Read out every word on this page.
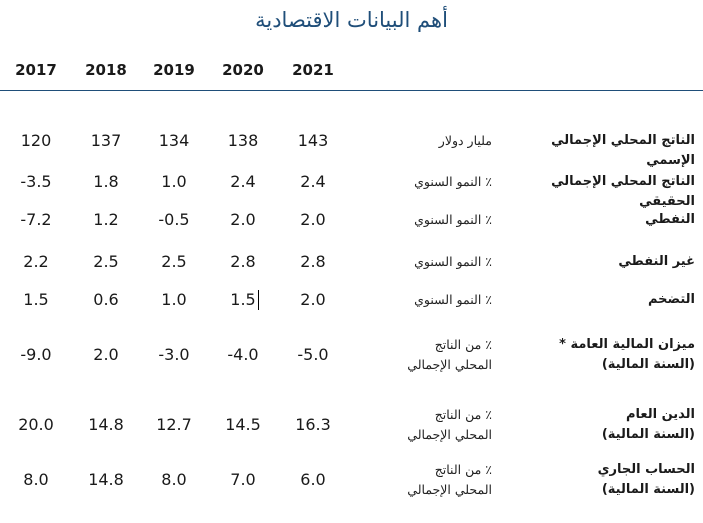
أهم البيانات الاقتصادية
2017	2018	2019	2020	2021
الناتج المحلي الإجمالي الإسمي
مليار دولار
120	137	134	138	143
الناتج المحلي الإجمالي الحقيقي
٪ النمو السنوي
-3.5	1.8	1.0	2.4	2.4
النفطي
٪ النمو السنوي
-7.2	1.2	-0.5	2.0	2.0
غير النفطي
٪ النمو السنوي
2.2	2.5	2.5	2.8	2.8
التضخم
٪ النمو السنوي
1.5	0.6	1.0	1.5	2.0
ميزان المالية العامة *
(السنة المالية)
٪ من الناتج
المحلي الإجمالي
-9.0	2.0	-3.0	-4.0	-5.0
الدين العام
(السنة المالية)
٪ من الناتج
المحلي الإجمالي
20.0	14.8	12.7	14.5	16.3
الحساب الجاري
(السنة المالية)
٪ من الناتج
المحلي الإجمالي
8.0	14.8	8.0	7.0	6.0
